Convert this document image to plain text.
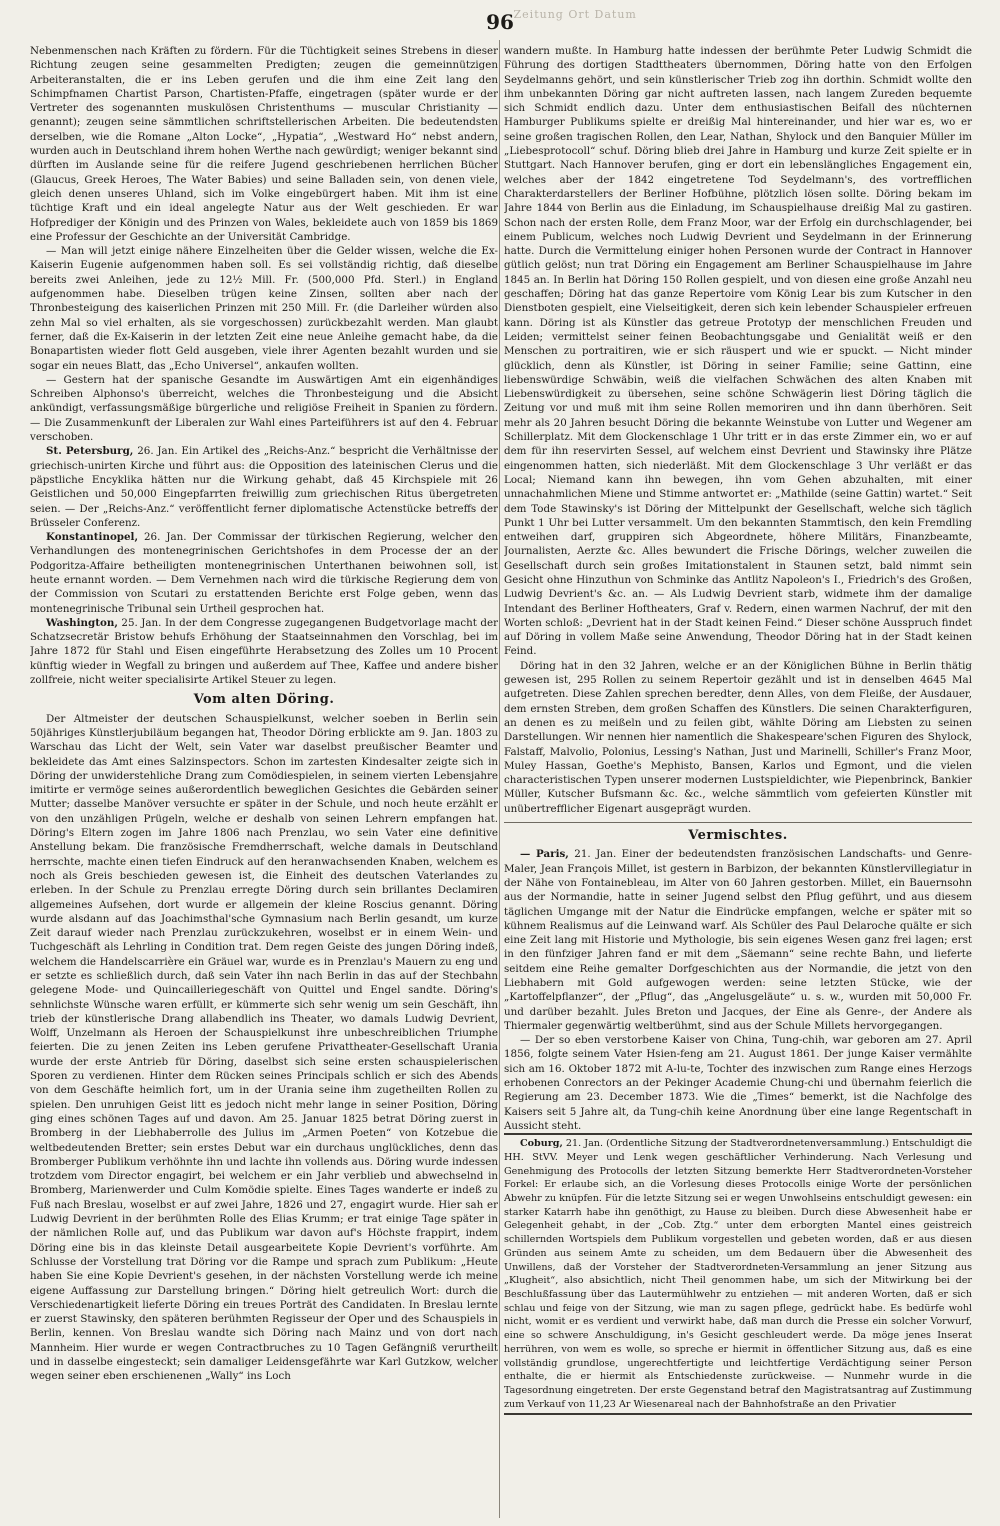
Zeitung Ort Datum
96

Nebenmenschen nach Kräften zu fördern. Für die Tüchtigkeit seines Strebens in dieser Richtung zeugen seine gesammelten Predigten; zeugen die gemeinnützigen Arbeiteranstalten, die er ins Leben gerufen und die ihm eine Zeit lang den Schimpfnamen Chartist Parson, Chartisten-Pfaffe, eingetragen (später wurde er der Vertreter des sogenannten muskulösen Christenthums — muscular Christianity — genannt); zeugen seine sämmtlichen schriftstellerischen Arbeiten. Die bedeutendsten derselben, wie die Romane „Alton Locke“, „Hypatia“, „Westward Ho“ nebst andern, wurden auch in Deutschland ihrem hohen Werthe nach gewürdigt; weniger bekannt sind dürften im Auslande seine für die reifere Jugend geschriebenen herrlichen Bücher (Glaucus, Greek Heroes, The Water Babies) und seine Balladen sein, von denen viele, gleich denen unseres Uhland, sich im Volke eingebürgert haben. Mit ihm ist eine tüchtige Kraft und ein ideal angelegte Natur aus der Welt geschieden. Er war Hofprediger der Königin und des Prinzen von Wales, bekleidete auch von 1859 bis 1869 eine Professur der Geschichte an der Universität Cambridge.

— Man will jetzt einige nähere Einzelheiten über die Gelder wissen, welche die Ex-Kaiserin Eugenie aufgenommen haben soll. Es sei vollständig richtig, daß dieselbe bereits zwei Anleihen, jede zu 12½ Mill. Fr. (500,000 Pfd. Sterl.) in England aufgenommen habe. Dieselben trügen keine Zinsen, sollten aber nach der Thronbesteigung des kaiserlichen Prinzen mit 250 Mill. Fr. (die Darleiher würden also zehn Mal so viel erhalten, als sie vorgeschossen) zurückbezahlt werden. Man glaubt ferner, daß die Ex-Kaiserin in der letzten Zeit eine neue Anleihe gemacht habe, da die Bonapartisten wieder flott Geld ausgeben, viele ihrer Agenten bezahlt wurden und sie sogar ein neues Blatt, das „Echo Universel“, ankaufen wollten.

— Gestern hat der spanische Gesandte im Auswärtigen Amt ein eigenhändiges Schreiben Alphonso's überreicht, welches die Thronbesteigung und die Absicht ankündigt, verfassungsmäßige bürgerliche und religiöse Freiheit in Spanien zu fördern. — Die Zusammenkunft der Liberalen zur Wahl eines Parteiführers ist auf den 4. Februar verschoben.

St. Petersburg, 26. Jan. Ein Artikel des „Reichs-Anz.“ bespricht die Verhältnisse der griechisch-unirten Kirche und führt aus: die Opposition des lateinischen Clerus und die päpstliche Encyklika hätten nur die Wirkung gehabt, daß 45 Kirchspiele mit 26 Geistlichen und 50,000 Eingepfarrten freiwillig zum griechischen Ritus übergetreten seien. — Der „Reichs-Anz.“ veröffentlicht ferner diplomatische Actenstücke betreffs der Brüsseler Conferenz.

Konstantinopel, 26. Jan. Der Commissar der türkischen Regierung, welcher den Verhandlungen des montenegrinischen Gerichtshofes in dem Processe der an der Podgoritza-Affaire betheiligten montenegrinischen Unterthanen beiwohnen soll, ist heute ernannt worden. — Dem Vernehmen nach wird die türkische Regierung dem von der Commission von Scutari zu erstattenden Berichte erst Folge geben, wenn das montenegrinische Tribunal sein Urtheil gesprochen hat.

Washington, 25. Jan. In der dem Congresse zugegangenen Budgetvorlage macht der Schatzsecretär Bristow behufs Erhöhung der Staatseinnahmen den Vorschlag, bei im Jahre 1872 für Stahl und Eisen eingeführte Herabsetzung des Zolles um 10 Procent künftig wieder in Wegfall zu bringen und außerdem auf Thee, Kaffee und andere bisher zollfreie, nicht weiter specialisirte Artikel Steuer zu legen.

Vom alten Döring.

Der Altmeister der deutschen Schauspielkunst, welcher soeben in Berlin sein 50jähriges Künstlerjubiläum begangen hat, Theodor Döring erblickte am 9. Jan. 1803 zu Warschau das Licht der Welt, sein Vater war daselbst preußischer Beamter und bekleidete das Amt eines Salzinspectors. Schon im zartesten Kindesalter zeigte sich in Döring der unwiderstehliche Drang zum Comödiespielen, in seinem vierten Lebensjahre imitirte er vermöge seines außerordentlich beweglichen Gesichtes die Gebärden seiner Mutter; dasselbe Manöver versuchte er später in der Schule, und noch heute erzählt er von den unzähligen Prügeln, welche er deshalb von seinen Lehrern empfangen hat. Döring's Eltern zogen im Jahre 1806 nach Prenzlau, wo sein Vater eine definitive Anstellung bekam. Die französische Fremdherrschaft, welche damals in Deutschland herrschte, machte einen tiefen Eindruck auf den heranwachsenden Knaben, welchem es noch als Greis beschieden gewesen ist, die Einheit des deutschen Vaterlandes zu erleben. In der Schule zu Prenzlau erregte Döring durch sein brillantes Declamiren allgemeines Aufsehen, dort wurde er allgemein der kleine Roscius genannt. Döring wurde alsdann auf das Joachimsthal'sche Gymnasium nach Berlin gesandt, um kurze Zeit darauf wieder nach Prenzlau zurückzukehren, woselbst er in einem Wein- und Tuchgeschäft als Lehrling in Condition trat. Dem regen Geiste des jungen Döring indeß, welchem die Handelscarrière ein Gräuel war, wurde es in Prenzlau's Mauern zu eng und er setzte es schließlich durch, daß sein Vater ihn nach Berlin in das auf der Stechbahn gelegene Mode- und Quincailleriegeschäft von Quittel und Engel sandte. Döring's sehnlichste Wünsche waren erfüllt, er kümmerte sich sehr wenig um sein Geschäft, ihn trieb der künstlerische Drang allabendlich ins Theater, wo damals Ludwig Devrient, Wolff, Unzelmann als Heroen der Schauspielkunst ihre unbeschreiblichen Triumphe feierten. Die zu jenen Zeiten ins Leben gerufene Privattheater-Gesellschaft Urania wurde der erste Antrieb für Döring, daselbst sich seine ersten schauspielerischen Sporen zu verdienen. Hinter dem Rücken seines Principals schlich er sich des Abends von dem Geschäfte heimlich fort, um in der Urania seine ihm zugetheilten Rollen zu spielen. Den unruhigen Geist litt es jedoch nicht mehr lange in seiner Position, Döring ging eines schönen Tages auf und davon. Am 25. Januar 1825 betrat Döring zuerst in Bromberg in der Liebhaberrolle des Julius im „Armen Poeten“ von Kotzebue die weltbedeutenden Bretter; sein erstes Debut war ein durchaus unglückliches, denn das Bromberger Publikum verhöhnte ihn und lachte ihn vollends aus. Döring wurde indessen trotzdem vom Director engagirt, bei welchem er ein Jahr verblieb und abwechselnd in Bromberg, Marienwerder und Culm Komödie spielte. Eines Tages wanderte er indeß zu Fuß nach Breslau, woselbst er auf zwei Jahre, 1826 und 27, engagirt wurde. Hier sah er Ludwig Devrient in der berühmten Rolle des Elias Krumm; er trat einige Tage später in der nämlichen Rolle auf, und das Publikum war davon auf's Höchste frappirt, indem Döring eine bis in das kleinste Detail ausgearbeitete Kopie Devrient's vorführte. Am Schlusse der Vorstellung trat Döring vor die Rampe und sprach zum Publikum: „Heute haben Sie eine Kopie Devrient's gesehen, in der nächsten Vorstellung werde ich meine eigene Auffassung zur Darstellung bringen.“ Döring hielt getreulich Wort: durch die Verschiedenartigkeit lieferte Döring ein treues Porträt des Candidaten. In Breslau lernte er zuerst Stawinsky, den späteren berühmten Regisseur der Oper und des Schauspiels in Berlin, kennen. Von Breslau wandte sich Döring nach Mainz und von dort nach Mannheim. Hier wurde er wegen Contractbruches zu 10 Tagen Gefängniß verurtheilt und in dasselbe eingesteckt; sein damaliger Leidensgefährte war Karl Gutzkow, welcher wegen seiner eben erschienenen „Wally“ ins Loch

wandern mußte. In Hamburg hatte indessen der berühmte Peter Ludwig Schmidt die Führung des dortigen Stadttheaters übernommen, Döring hatte von den Erfolgen Seydelmanns gehört, und sein künstlerischer Trieb zog ihn dorthin. Schmidt wollte den ihm unbekannten Döring gar nicht auftreten lassen, nach langem Zureden bequemte sich Schmidt endlich dazu. Unter dem enthusiastischen Beifall des nüchternen Hamburger Publikums spielte er dreißig Mal hintereinander, und hier war es, wo er seine großen tragischen Rollen, den Lear, Nathan, Shylock und den Banquier Müller im „Liebesprotocoll“ schuf. Döring blieb drei Jahre in Hamburg und kurze Zeit spielte er in Stuttgart. Nach Hannover berufen, ging er dort ein lebenslängliches Engagement ein, welches aber der 1842 eingetretene Tod Seydelmann's, des vortrefflichen Charakterdarstellers der Berliner Hofbühne, plötzlich lösen sollte. Döring bekam im Jahre 1844 von Berlin aus die Einladung, im Schauspielhause dreißig Mal zu gastiren. Schon nach der ersten Rolle, dem Franz Moor, war der Erfolg ein durchschlagender, bei einem Publicum, welches noch Ludwig Devrient und Seydelmann in der Erinnerung hatte. Durch die Vermittelung einiger hohen Personen wurde der Contract in Hannover gütlich gelöst; nun trat Döring ein Engagement am Berliner Schauspielhause im Jahre 1845 an. In Berlin hat Döring 150 Rollen gespielt, und von diesen eine große Anzahl neu geschaffen; Döring hat das ganze Repertoire vom König Lear bis zum Kutscher in den Dienstboten gespielt, eine Vielseitigkeit, deren sich kein lebender Schauspieler erfreuen kann. Döring ist als Künstler das getreue Prototyp der menschlichen Freuden und Leiden; vermittelst seiner feinen Beobachtungsgabe und Genialität weiß er den Menschen zu portraitiren, wie er sich räuspert und wie er spuckt. — Nicht minder glücklich, denn als Künstler, ist Döring in seiner Familie; seine Gattinn, eine liebenswürdige Schwäbin, weiß die vielfachen Schwächen des alten Knaben mit Liebenswürdigkeit zu übersehen, seine schöne Schwägerin liest Döring täglich die Zeitung vor und muß mit ihm seine Rollen memoriren und ihn dann überhören. Seit mehr als 20 Jahren besucht Döring die bekannte Weinstube von Lutter und Wegener am Schillerplatz. Mit dem Glockenschlage 1 Uhr tritt er in das erste Zimmer ein, wo er auf dem für ihn reservirten Sessel, auf welchem einst Devrient und Stawinsky ihre Plätze eingenommen hatten, sich niederläßt. Mit dem Glockenschlage 3 Uhr verläßt er das Local; Niemand kann ihn bewegen, ihn vom Gehen abzuhalten, mit einer unnachahmlichen Miene und Stimme antwortet er: „Mathilde (seine Gattin) wartet.“ Seit dem Tode Stawinsky's ist Döring der Mittelpunkt der Gesellschaft, welche sich täglich Punkt 1 Uhr bei Lutter versammelt. Um den bekannten Stammtisch, den kein Fremdling entweihen darf, gruppiren sich Abgeordnete, höhere Militärs, Finanzbeamte, Journalisten, Aerzte &c. Alles bewundert die Frische Dörings, welcher zuweilen die Gesellschaft durch sein großes Imitationstalent in Staunen setzt, bald nimmt sein Gesicht ohne Hinzuthun von Schminke das Antlitz Napoleon's I., Friedrich's des Großen, Ludwig Devrient's &c. an. — Als Ludwig Devrient starb, widmete ihm der damalige Intendant des Berliner Hoftheaters, Graf v. Redern, einen warmen Nachruf, der mit den Worten schloß: „Devrient hat in der Stadt keinen Feind.“ Dieser schöne Ausspruch findet auf Döring in vollem Maße seine Anwendung, Theodor Döring hat in der Stadt keinen Feind.

Döring hat in den 32 Jahren, welche er an der Königlichen Bühne in Berlin thätig gewesen ist, 295 Rollen zu seinem Repertoir gezählt und ist in denselben 4645 Mal aufgetreten. Diese Zahlen sprechen beredter, denn Alles, von dem Fleiße, der Ausdauer, dem ernsten Streben, dem großen Schaffen des Künstlers. Die seinen Charakterfiguren, an denen es zu meißeln und zu feilen gibt, wählte Döring am Liebsten zu seinen Darstellungen. Wir nennen hier namentlich die Shakespeare'schen Figuren des Shylock, Falstaff, Malvolio, Polonius, Lessing's Nathan, Just und Marinelli, Schiller's Franz Moor, Muley Hassan, Goethe's Mephisto, Bansen, Karlos und Egmont, und die vielen characteristischen Typen unserer modernen Lustspieldichter, wie Piepenbrinck, Bankier Müller, Kutscher Bufsmann &c. &c., welche sämmtlich vom gefeierten Künstler mit unübertrefflicher Eigenart ausgeprägt wurden.

Vermischtes.

— Paris, 21. Jan. Einer der bedeutendsten französischen Landschafts- und Genre-Maler, Jean François Millet, ist gestern in Barbizon, der bekannten Künstlervillegiatur in der Nähe von Fontainebleau, im Alter von 60 Jahren gestorben. Millet, ein Bauernsohn aus der Normandie, hatte in seiner Jugend selbst den Pflug geführt, und aus diesem täglichen Umgange mit der Natur die Eindrücke empfangen, welche er später mit so kühnem Realismus auf die Leinwand warf. Als Schüler des Paul Delaroche quälte er sich eine Zeit lang mit Historie und Mythologie, bis sein eigenes Wesen ganz frei lagen; erst in den fünfziger Jahren fand er mit dem „Säemann“ seine rechte Bahn, und lieferte seitdem eine Reihe gemalter Dorfgeschichten aus der Normandie, die jetzt von den Liebhabern mit Gold aufgewogen werden: seine letzten Stücke, wie der „Kartoffelpflanzer“, der „Pflug“, das „Angelusgeläute“ u. s. w., wurden mit 50,000 Fr. und darüber bezahlt. Jules Breton und Jacques, der Eine als Genre-, der Andere als Thiermaler gegenwärtig weltberühmt, sind aus der Schule Millets hervorgegangen.

— Der so eben verstorbene Kaiser von China, Tung-chih, war geboren am 27. April 1856, folgte seinem Vater Hsien-feng am 21. August 1861. Der junge Kaiser vermählte sich am 16. Oktober 1872 mit A-lu-te, Tochter des inzwischen zum Range eines Herzogs erhobenen Conrectors an der Pekinger Academie Chung-chi und übernahm feierlich die Regierung am 23. December 1873. Wie die „Times“ bemerkt, ist die Nachfolge des Kaisers seit 5 Jahre alt, da Tung-chih keine Anordnung über eine lange Regentschaft in Aussicht steht.

Coburg, 21. Jan. (Ordentliche Sitzung der Stadtverordnetenversammlung.) Entschuldigt die HH. StVV. Meyer und Lenk wegen geschäftlicher Verhinderung. Nach Verlesung und Genehmigung des Protocolls der letzten Sitzung bemerkte Herr Stadtverordneten-Vorsteher Forkel: Er erlaube sich, an die Vorlesung dieses Protocolls einige Worte der persönlichen Abwehr zu knüpfen. Für die letzte Sitzung sei er wegen Unwohlseins entschuldigt gewesen: ein starker Katarrh habe ihn genöthigt, zu Hause zu bleiben. Durch diese Abwesenheit habe er Gelegenheit gehabt, in der „Cob. Ztg.“ unter dem erborgten Mantel eines geistreich schillernden Wortspiels dem Publikum vorgestellen und gebeten worden, daß er aus diesen Gründen aus seinem Amte zu scheiden, um dem Bedauern über die Abwesenheit des Unwillens, daß der Vorsteher der Stadtverordneten-Versammlung an jener Sitzung aus „Klugheit“, also absichtlich, nicht Theil genommen habe, um sich der Mitwirkung bei der Beschlußfassung über das Lautermühlwehr zu entziehen — mit anderen Worten, daß er sich schlau und feige von der Sitzung, wie man zu sagen pflege, gedrückt habe. Es bedürfe wohl nicht, womit er es verdient und verwirkt habe, daß man durch die Presse ein solcher Vorwurf, eine so schwere Anschuldigung, in's Gesicht geschleudert werde. Da möge jenes Inserat herrühren, von wem es wolle, so spreche er hiermit in öffentlicher Sitzung aus, daß es eine vollständig grundlose, ungerechtfertigte und leichtfertige Verdächtigung seiner Person enthalte, die er hiermit als Entschiedenste zurückweise. — Nunmehr wurde in die Tagesordnung eingetreten. Der erste Gegenstand betraf den Magistratsantrag auf Zustimmung zum Verkauf von 11,23 Ar Wiesenareal nach der Bahnhofstraße an den Privatier
